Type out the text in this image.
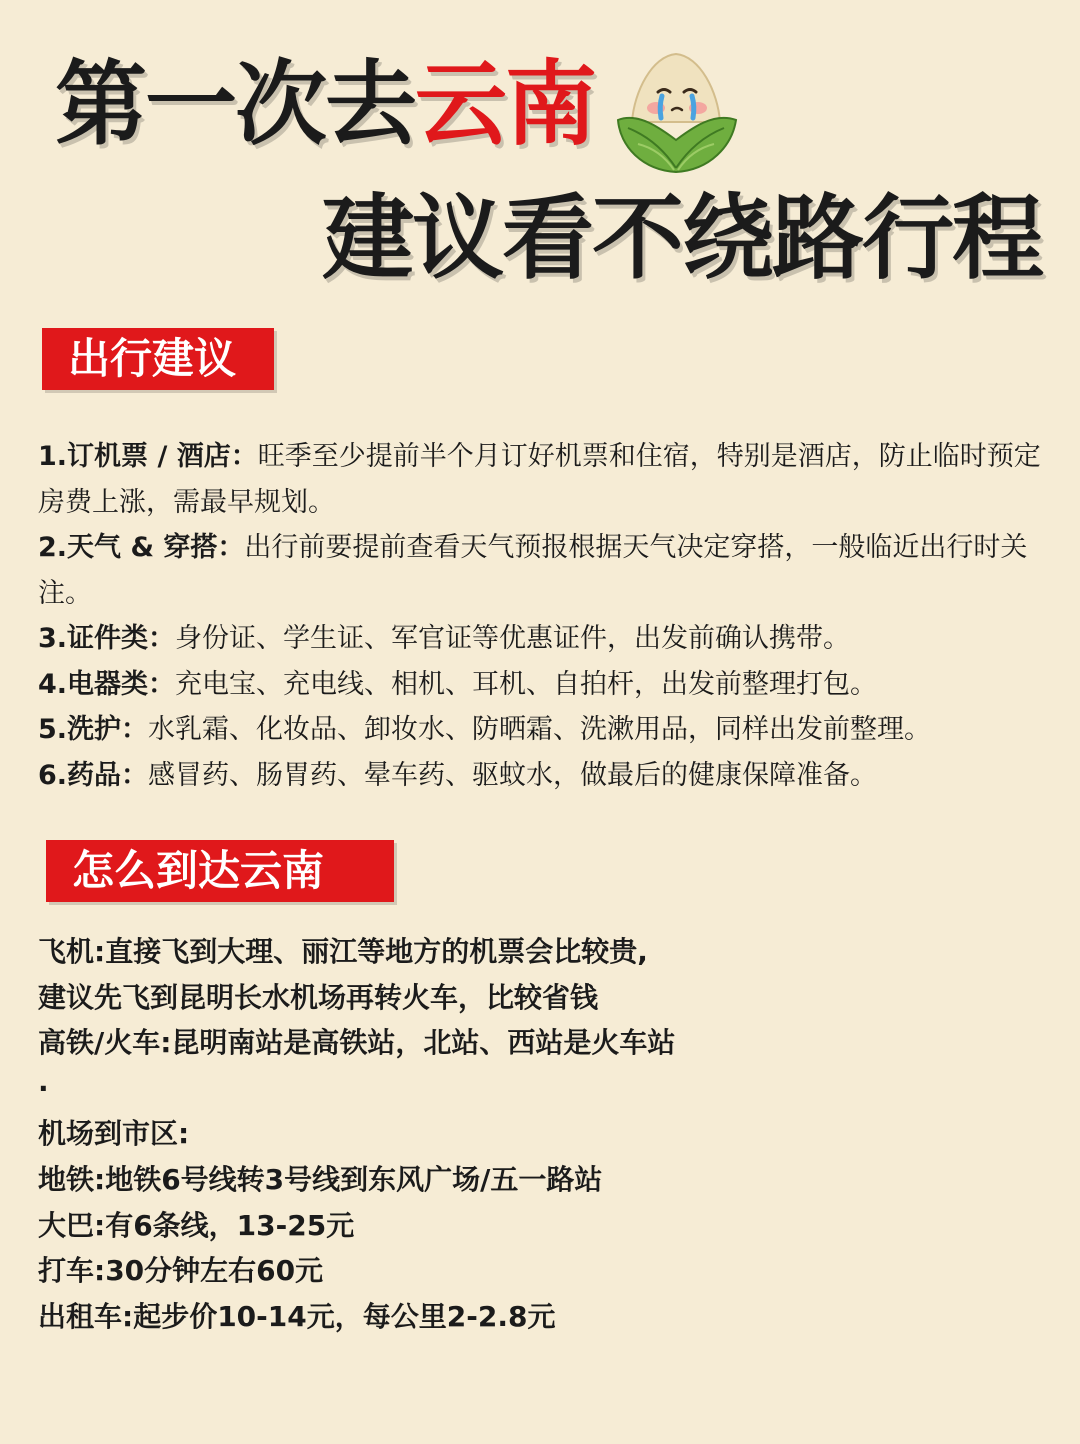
第一次去云南
建议看不绕路行程
出行建议

1.订机票 / 酒店：旺季至少提前半个月订好机票和住宿，特别是酒店，防止临时预定房费上涨，需最早规划。

2.天气 & 穿搭：出行前要提前查看天气预报根据天气决定穿搭，一般临近出行时关注。

3.证件类：身份证、学生证、军官证等优惠证件，出发前确认携带。

4.电器类：充电宝、充电线、相机、耳机、自拍杆，出发前整理打包。

5.洗护：水乳霜、化妆品、卸妆水、防晒霜、洗漱用品，同样出发前整理。

6.药品：感冒药、肠胃药、晕车药、驱蚊水，做最后的健康保障准备。

怎么到达云南

飞机:直接飞到大理、丽江等地方的机票会比较贵,

建议先飞到昆明长水机场再转火车，比较省钱

高铁/火车:昆明南站是高铁站，北站、西站是火车站

·

机场到市区:

地铁:地铁6号线转3号线到东风广场/五一路站

大巴:有6条线，13-25元

打车:30分钟左右60元

出租车:起步价10-14元，每公里2-2.8元
